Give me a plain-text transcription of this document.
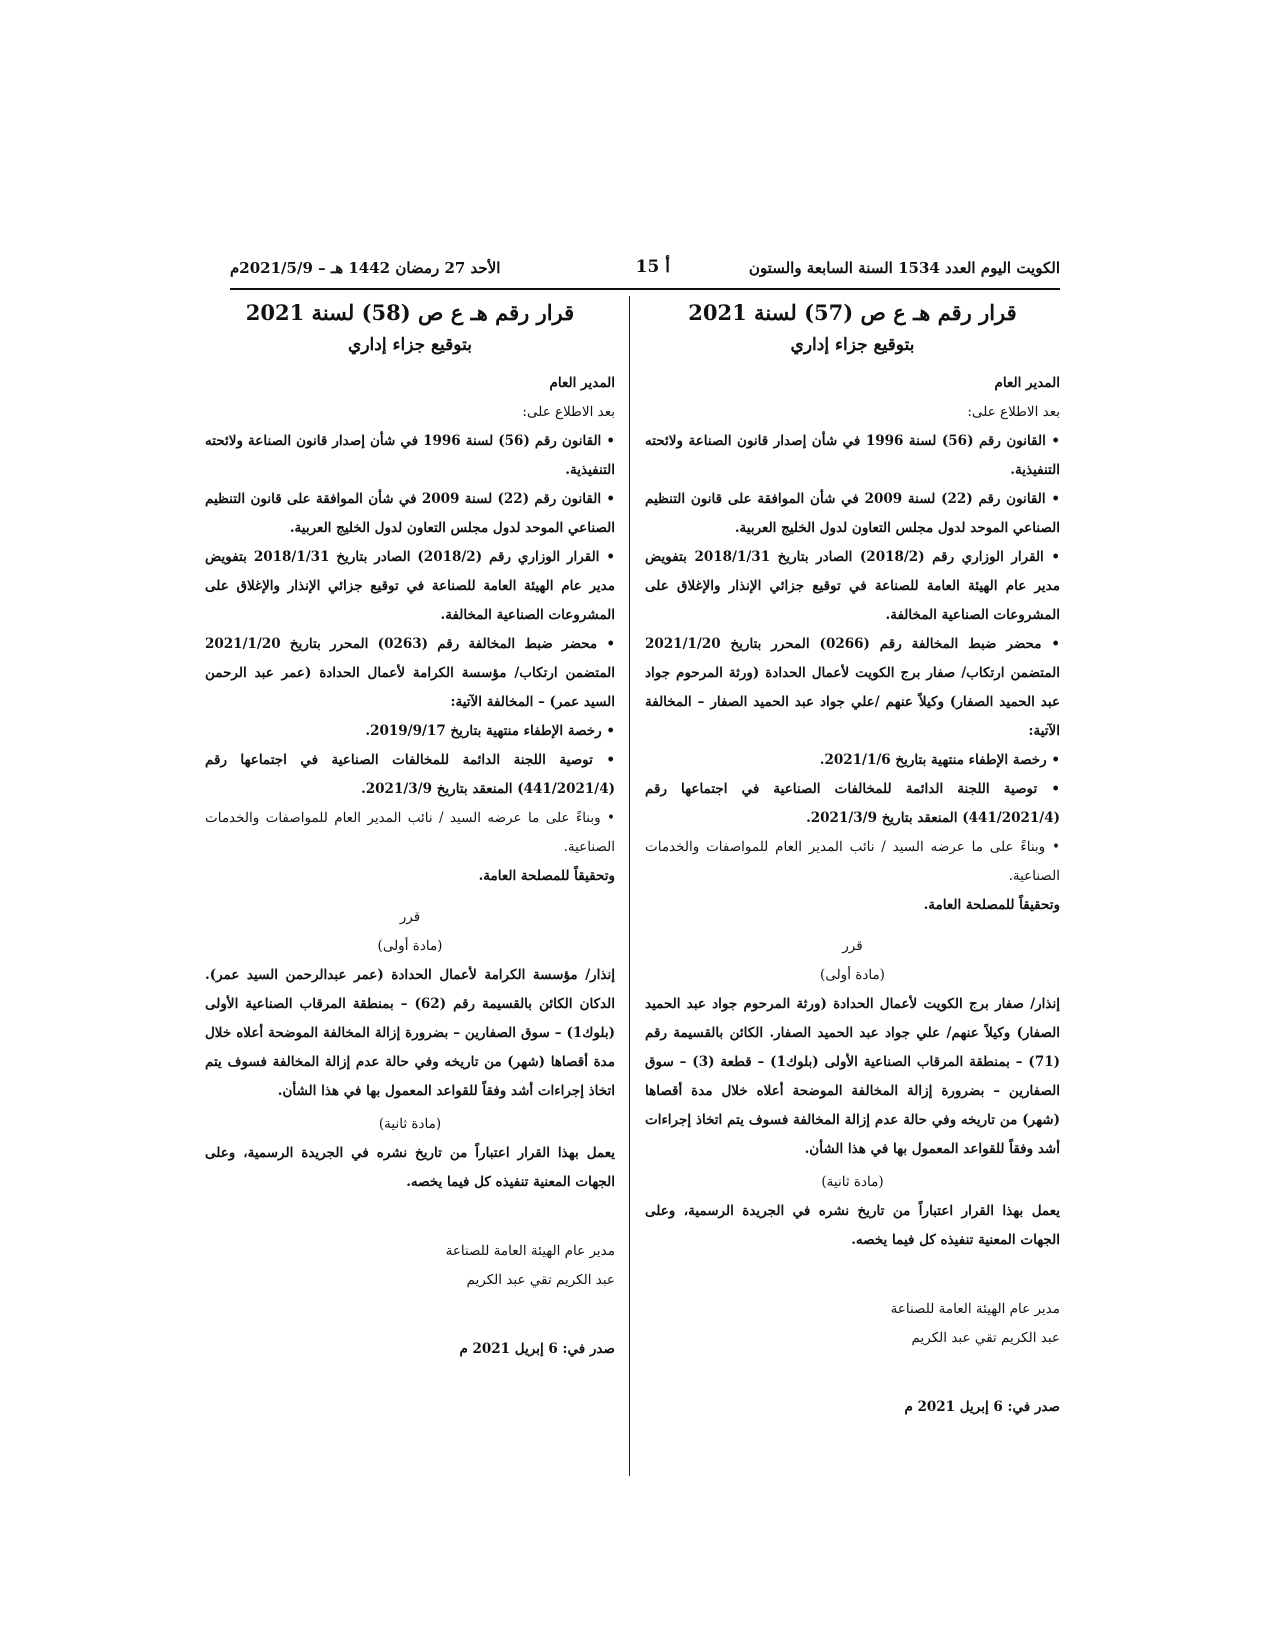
الكويت اليوم العدد 1534 السنة السابعة والستون
أ 15
الأحد 27 رمضان 1442 هـ – 2021/5/9م
قرار رقم هـ ع ص (57) لسنة 2021
بتوقيع جزاء إداري

المدير العام

بعد الاطلاع على:

• القانون رقم (56) لسنة 1996 في شأن إصدار قانون الصناعة ولائحته التنفيذية.

• القانون رقم (22) لسنة 2009 في شأن الموافقة على قانون التنظيم الصناعي الموحد لدول مجلس التعاون لدول الخليج العربية.

• القرار الوزاري رقم (2018/2) الصادر بتاريخ 2018/1/31 بتفويض مدير عام الهيئة العامة للصناعة في توقيع جزائي الإنذار والإغلاق على المشروعات الصناعية المخالفة.

• محضر ضبط المخالفة رقم (0266) المحرر بتاريخ 2021/1/20 المتضمن ارتكاب/ صفار برج الكويت لأعمال الحدادة (ورثة المرحوم جواد عبد الحميد الصفار) وكيلاً عنهم /علي جواد عبد الحميد الصفار – المخالفة الآتية:

• رخصة الإطفاء منتهية بتاريخ 2021/1/6.

• توصية اللجنة الدائمة للمخالفات الصناعية في اجتماعها رقم (441/2021/4) المنعقد بتاريخ 2021/3/9.

• وبناءً على ما عرضه السيد / نائب المدير العام للمواصفات والخدمات الصناعية.

وتحقيقاً للمصلحة العامة.

قرر

(مادة أولى)

إنذار/ صفار برج الكويت لأعمال الحدادة (ورثة المرحوم جواد عبد الحميد الصفار) وكيلاً عنهم/ علي جواد عبد الحميد الصفار. الكائن بالقسيمة رقم (71) – بمنطقة المرقاب الصناعية الأولى (بلوك1) – قطعة (3) – سوق الصفارين – بضرورة إزالة المخالفة الموضحة أعلاه خلال مدة أقصاها (شهر) من تاريخه وفي حالة عدم إزالة المخالفة فسوف يتم اتخاذ إجراءات أشد وفقاً للقواعد المعمول بها في هذا الشأن.

(مادة ثانية)

يعمل بهذا القرار اعتباراً من تاريخ نشره في الجريدة الرسمية، وعلى الجهات المعنية تنفيذه كل فيما يخصه.

مدير عام الهيئة العامة للصناعة

عبد الكريم تقي عبد الكريم

صدر في: 6 إبريل 2021 م

قرار رقم هـ ع ص (58) لسنة 2021
بتوقيع جزاء إداري

المدير العام

بعد الاطلاع على:

• القانون رقم (56) لسنة 1996 في شأن إصدار قانون الصناعة ولائحته التنفيذية.

• القانون رقم (22) لسنة 2009 في شأن الموافقة على قانون التنظيم الصناعي الموحد لدول مجلس التعاون لدول الخليج العربية.

• القرار الوزاري رقم (2018/2) الصادر بتاريخ 2018/1/31 بتفويض مدير عام الهيئة العامة للصناعة في توقيع جزائي الإنذار والإغلاق على المشروعات الصناعية المخالفة.

• محضر ضبط المخالفة رقم (0263) المحرر بتاريخ 2021/1/20 المتضمن ارتكاب/ مؤسسة الكرامة لأعمال الحدادة (عمر عبد الرحمن السيد عمر) – المخالفة الآتية:

• رخصة الإطفاء منتهية بتاريخ 2019/9/17.

• توصية اللجنة الدائمة للمخالفات الصناعية في اجتماعها رقم (441/2021/4) المنعقد بتاريخ 2021/3/9.

• وبناءً على ما عرضه السيد / نائب المدير العام للمواصفات والخدمات الصناعية.

وتحقيقاً للمصلحة العامة.

قرر

(مادة أولى)

إنذار/ مؤسسة الكرامة لأعمال الحدادة (عمر عبدالرحمن السيد عمر). الدكان الكائن بالقسيمة رقم (62) – بمنطقة المرقاب الصناعية الأولى (بلوك1) – سوق الصفارين – بضرورة إزالة المخالفة الموضحة أعلاه خلال مدة أقصاها (شهر) من تاريخه وفي حالة عدم إزالة المخالفة فسوف يتم اتخاذ إجراءات أشد وفقاً للقواعد المعمول بها في هذا الشأن.

(مادة ثانية)

يعمل بهذا القرار اعتباراً من تاريخ نشره في الجريدة الرسمية، وعلى الجهات المعنية تنفيذه كل فيما يخصه.

مدير عام الهيئة العامة للصناعة

عبد الكريم تقي عبد الكريم

صدر في: 6 إبريل 2021 م
